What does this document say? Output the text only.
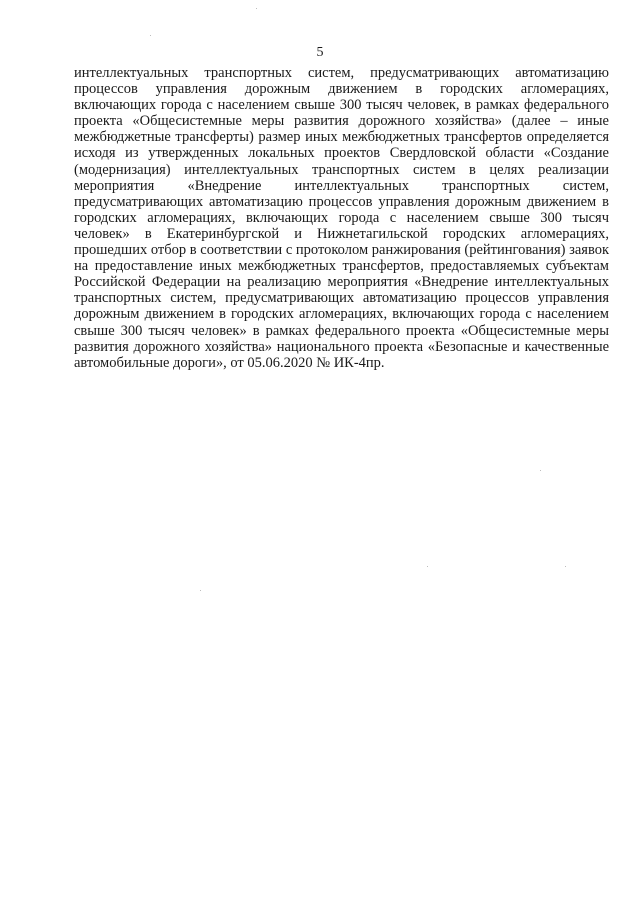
5

интеллектуальных транспортных систем, предусматривающих автоматизацию процессов управления дорожным движением в городских агломерациях, включающих города с населением свыше 300 тысяч человек, в рамках федерального проекта «Общесистемные меры развития дорожного хозяйства» (далее – иные межбюджетные трансферты) размер иных межбюджетных трансфертов определяется исходя из утвержденных локальных проектов Свердловской области «Создание (модернизация) интеллектуальных транспортных систем в целях реализации мероприятия «Внедрение интеллектуальных транспортных систем, предусматривающих автоматизацию процессов управления дорожным движением в городских агломерациях, включающих города с населением свыше 300 тысяч человек» в Екатеринбургской и Нижнетагильской городских агломерациях, прошедших отбор в соответствии с протоколом ранжирования (рейтингования) заявок на предоставление иных межбюджетных трансфертов, предоставляемых субъектам Российской Федерации на реализацию мероприятия «Внедрение интеллектуальных транспортных систем, предусматривающих автоматизацию процессов управления дорожным движением в городских агломерациях, включающих города с населением свыше 300 тысяч человек» в рамках федерального проекта «Общесистемные меры развития дорожного хозяйства» национального проекта «Безопасные и качественные автомобильные дороги», от 05.06.2020 № ИК-4пр.
